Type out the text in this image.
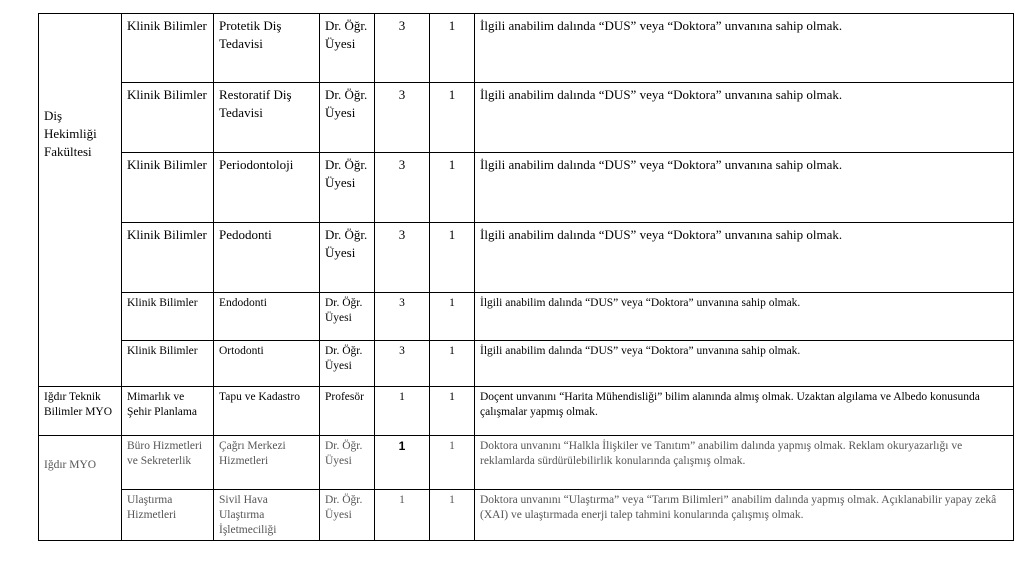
Diş Hekimliği Fakültesi	Klinik Bilimler	Protetik Diş Tedavisi	Dr. Öğr. Üyesi	3	1	İlgili anabilim dalında “DUS” veya “Doktora” unvanına sahip olmak.
	Klinik Bilimler	Restoratif Diş Tedavisi	Dr. Öğr. Üyesi	3	1	İlgili anabilim dalında “DUS” veya “Doktora” unvanına sahip olmak.
	Klinik Bilimler	Periodontoloji	Dr. Öğr. Üyesi	3	1	İlgili anabilim dalında “DUS” veya “Doktora” unvanına sahip olmak.
	Klinik Bilimler	Pedodonti	Dr. Öğr. Üyesi	3	1	İlgili anabilim dalında “DUS” veya “Doktora” unvanına sahip olmak.
	Klinik Bilimler	Endodonti	Dr. Öğr. Üyesi	3	1	İlgili anabilim dalında “DUS” veya “Doktora” unvanına sahip olmak.
	Klinik Bilimler	Ortodonti	Dr. Öğr. Üyesi	3	1	İlgili anabilim dalında “DUS” veya “Doktora” unvanına sahip olmak.
Iğdır Teknik Bilimler MYO	Mimarlık ve Şehir Planlama	Tapu ve Kadastro	Profesör	1	1	Doçent unvanını “Harita Mühendisliği” bilim alanında almış olmak. Uzaktan algılama ve Albedo konusunda çalışmalar yapmış olmak.

Iğdır MYO	Büro Hizmetleri ve Sekreterlik	Çağrı Merkezi Hizmetleri	Dr. Öğr. Üyesi	1	1	Doktora unvanını “Halkla İlişkiler ve Tanıtım” anabilim dalında yapmış olmak. Reklam okuryazarlığı ve reklamlarda sürdürülebilirlik konularında çalışmış olmak.
	Ulaştırma Hizmetleri	Sivil Hava Ulaştırma İşletmeciliği	Dr. Öğr. Üyesi	1	1	Doktora unvanını “Ulaştırma” veya “Tarım Bilimleri” anabilim dalında yapmış olmak. Açıklanabilir yapay zekâ (XAI) ve ulaştırmada enerji talep tahmini konularında çalışmış olmak.
